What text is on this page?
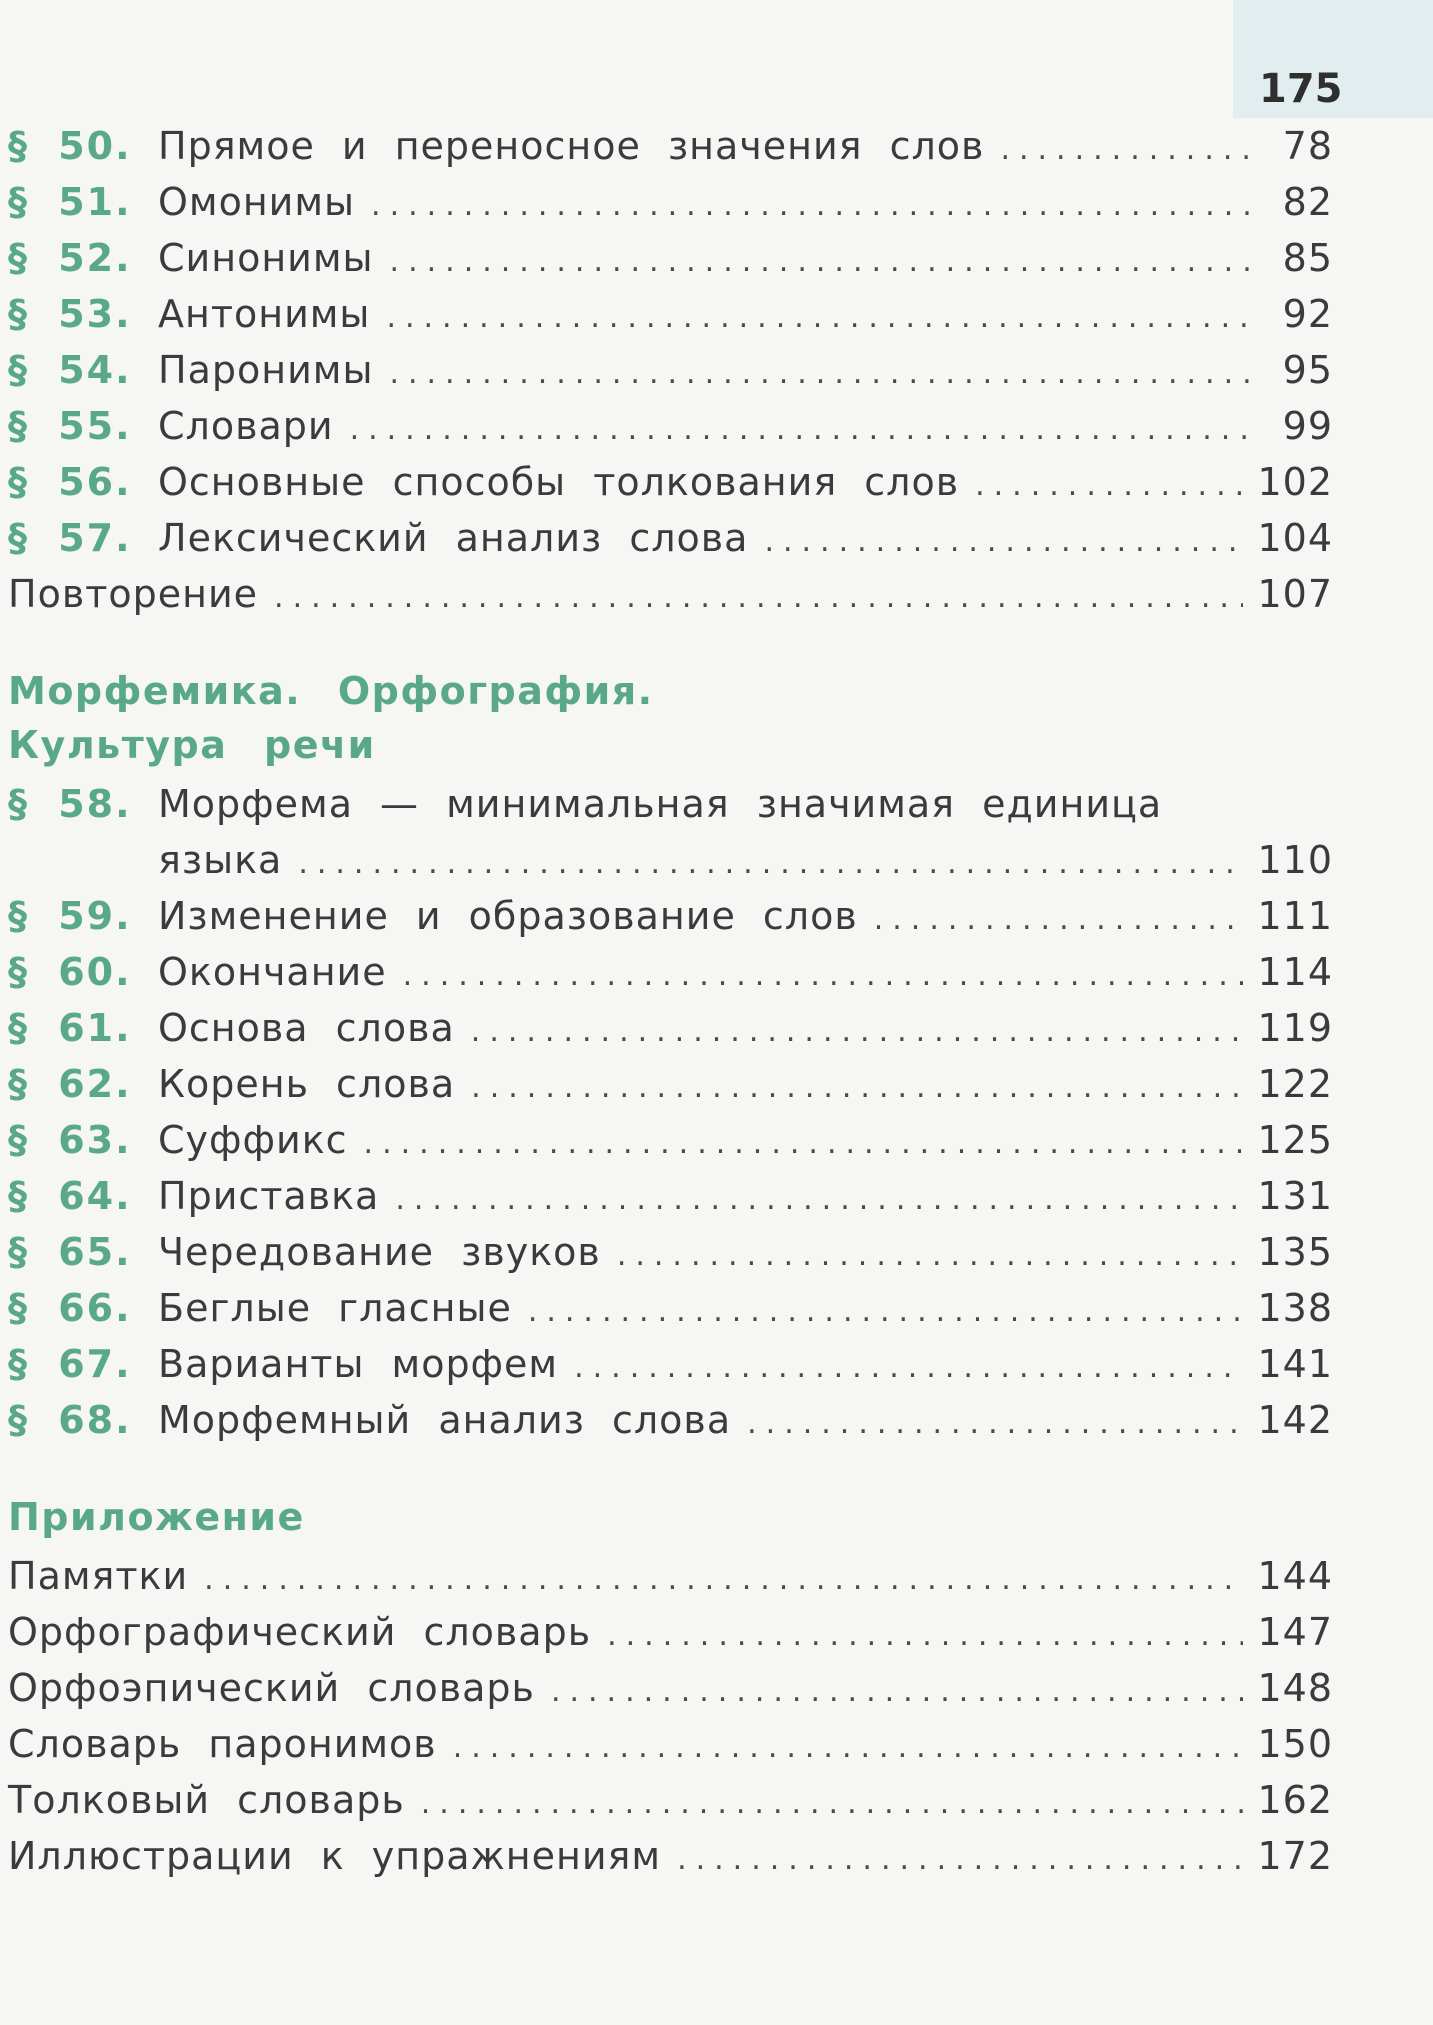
175
§ 50. Прямое и переносное значения слов .....	78
§ 51. Омонимы .....	82
§ 52. Синонимы .....	85
§ 53. Антонимы .....	92
§ 54. Паронимы .....	95
§ 55. Словари .....	99
§ 56. Основные способы толкования слов .....	102
§ 57. Лексический анализ слова .....	104
Повторение .....	107
Морфемика. Орфография.
Культура речи
§ 58. Морфема — минимальная значимая единица
языка .....	110
§ 59. Изменение и образование слов .....	111
§ 60. Окончание .....	114
§ 61. Основа слова .....	119
§ 62. Корень слова .....	122
§ 63. Суффикс .....	125
§ 64. Приставка .....	131
§ 65. Чередование звуков .....	135
§ 66. Беглые гласные .....	138
§ 67. Варианты морфем .....	141
§ 68. Морфемный анализ слова .....	142
Приложение
Памятки .....	144
Орфографический словарь .....	147
Орфоэпический словарь .....	148
Словарь паронимов .....	150
Толковый словарь .....	162
Иллюстрации к упражнениям .....	172
